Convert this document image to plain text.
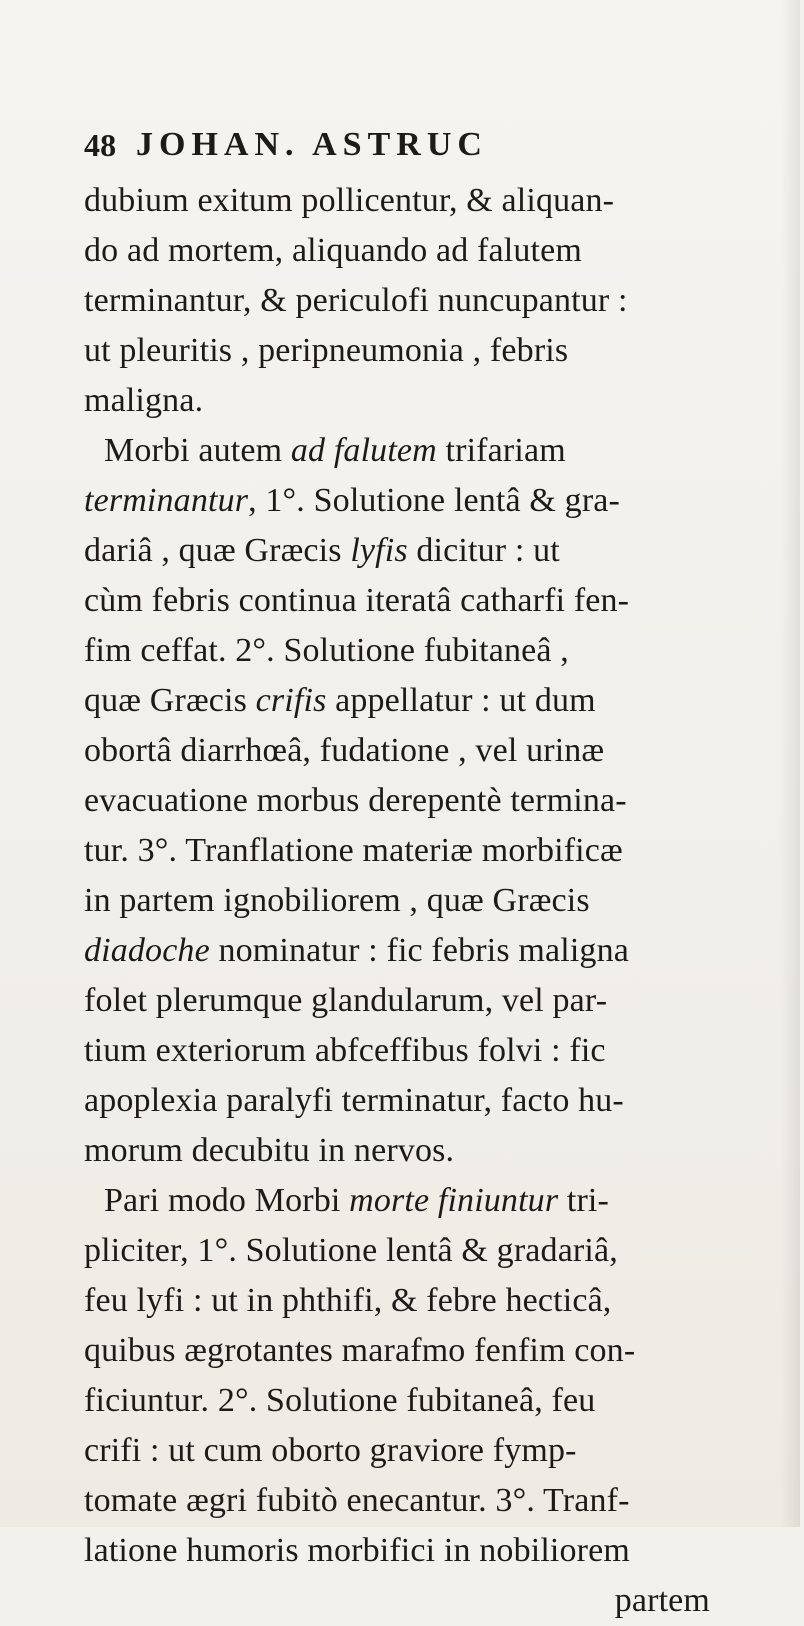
48 JOHAN. ASTRUC
dubium exitum pollicentur, & aliquan-
do ad mortem, aliquando ad falutem
terminantur, & periculofi nuncupantur :
ut pleuritis , peripneumonia , febris
maligna.
Morbi autem ad falutem trifariam
terminantur, 1°. Solutione lentâ & gra-
dariâ , quæ Græcis lyfis dicitur : ut
cùm febris continua iteratâ catharfi fen-
fim ceffat. 2°. Solutione fubitaneâ ,
quæ Græcis crifis appellatur : ut dum
obortâ diarrhœâ, fudatione , vel urinæ
evacuatione morbus derepentè termina-
tur. 3°. Tranflatione materiæ morbificæ
in partem ignobiliorem , quæ Græcis
diadoche nominatur : fic febris maligna
folet plerumque glandularum, vel par-
tium exteriorum abfceffibus folvi : fic
apoplexia paralyfi terminatur, facto hu-
morum decubitu in nervos.
Pari modo Morbi morte finiuntur tri-
pliciter, 1°. Solutione lentâ & gradariâ,
feu lyfi : ut in phthifi, & febre hecticâ,
quibus ægrotantes marafmo fenfim con-
ficiuntur. 2°. Solutione fubitaneâ, feu
crifi : ut cum oborto graviore fymp-
tomate ægri fubitò enecantur. 3°. Tranf-
latione humoris morbifici in nobiliorem
partem
